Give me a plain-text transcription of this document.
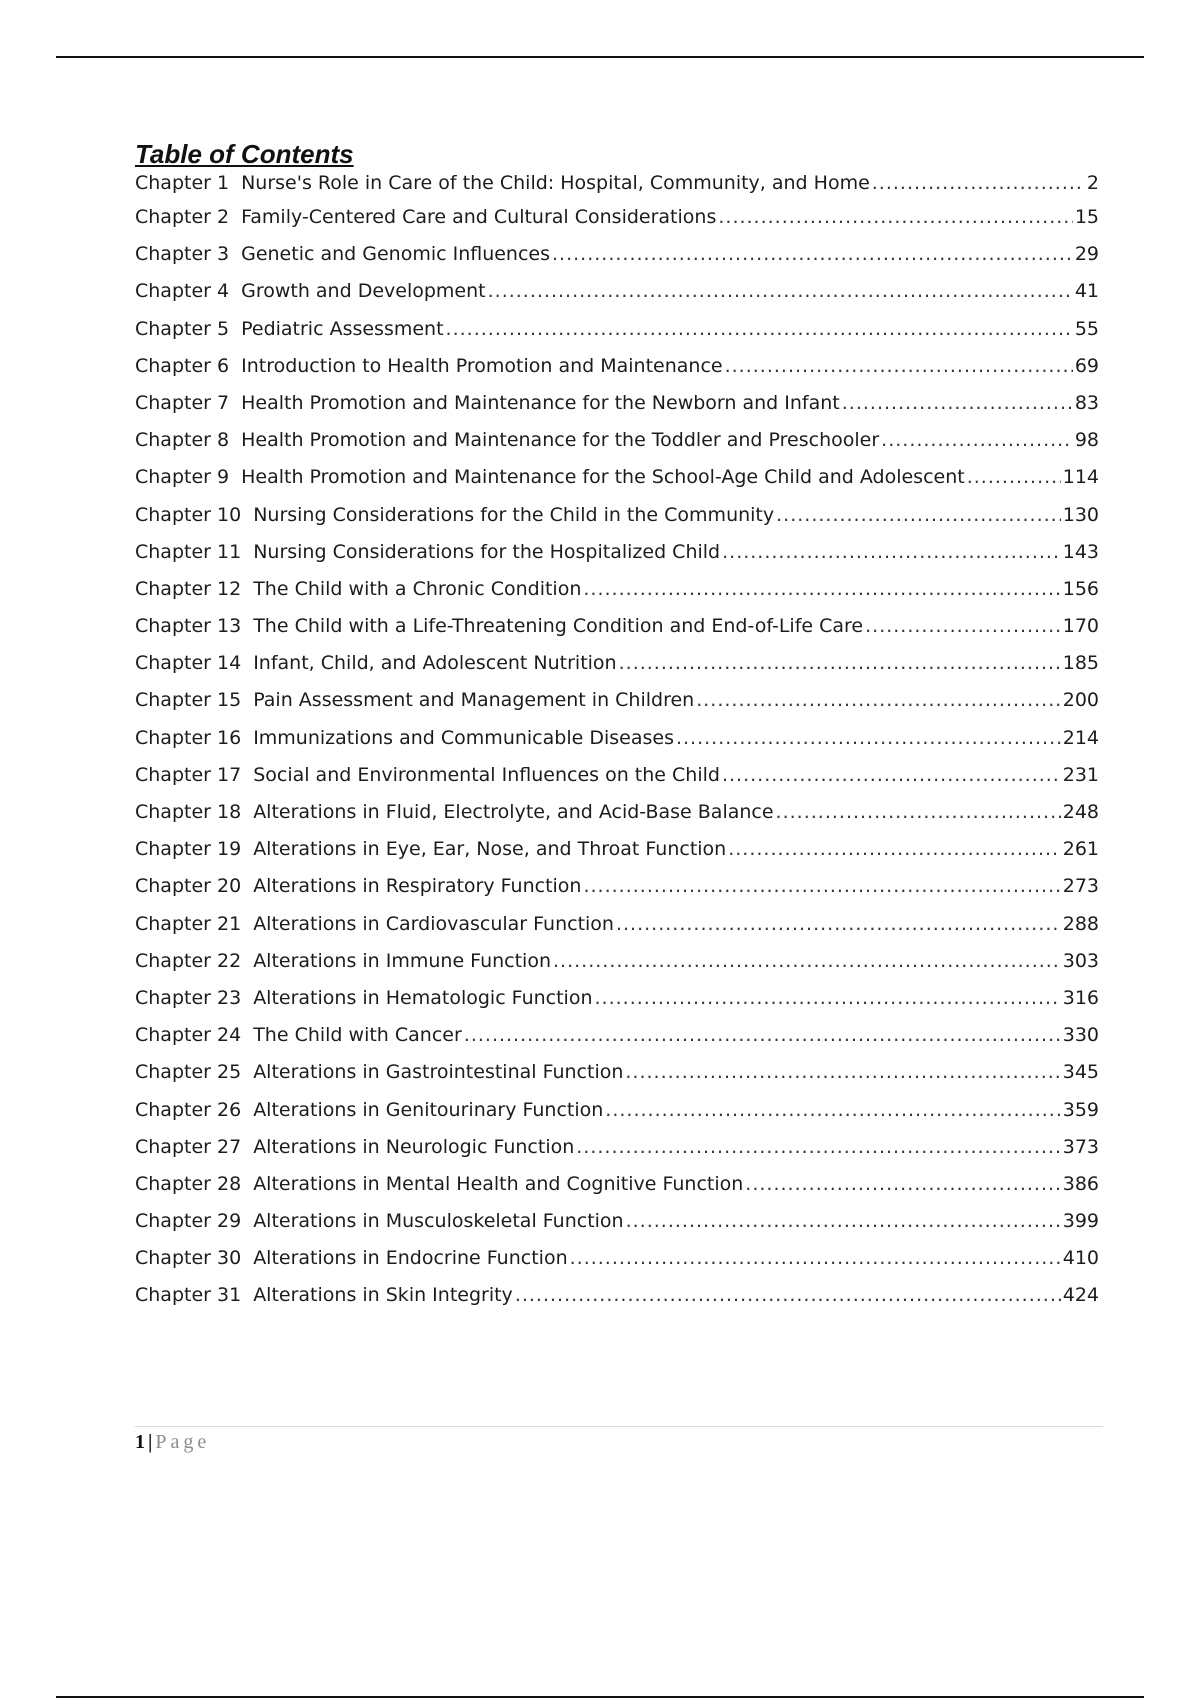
Table of Contents
Chapter 1 Nurse's Role in Care of the Child: Hospital, Community, and Home .....	2
Chapter 2 Family-Centered Care and Cultural Considerations .....	15
Chapter 3 Genetic and Genomic Influences .....	29
Chapter 4 Growth and Development .....	41
Chapter 5 Pediatric Assessment .....	55
Chapter 6 Introduction to Health Promotion and Maintenance .....	69
Chapter 7 Health Promotion and Maintenance for the Newborn and Infant .....	83
Chapter 8 Health Promotion and Maintenance for the Toddler and Preschooler .....	98
Chapter 9 Health Promotion and Maintenance for the School-Age Child and Adolescent .....	114
Chapter 10 Nursing Considerations for the Child in the Community .....	130
Chapter 11 Nursing Considerations for the Hospitalized Child .....	143
Chapter 12 The Child with a Chronic Condition .....	156
Chapter 13 The Child with a Life-Threatening Condition and End-of-Life Care .....	170
Chapter 14 Infant, Child, and Adolescent Nutrition .....	185
Chapter 15 Pain Assessment and Management in Children .....	200
Chapter 16 Immunizations and Communicable Diseases .....	214
Chapter 17 Social and Environmental Influences on the Child .....	231
Chapter 18 Alterations in Fluid, Electrolyte, and Acid-Base Balance .....	248
Chapter 19 Alterations in Eye, Ear, Nose, and Throat Function .....	261
Chapter 20 Alterations in Respiratory Function .....	273
Chapter 21 Alterations in Cardiovascular Function .....	288
Chapter 22 Alterations in Immune Function .....	303
Chapter 23 Alterations in Hematologic Function .....	316
Chapter 24 The Child with Cancer .....	330
Chapter 25 Alterations in Gastrointestinal Function .....	345
Chapter 26 Alterations in Genitourinary Function .....	359
Chapter 27 Alterations in Neurologic Function .....	373
Chapter 28 Alterations in Mental Health and Cognitive Function .....	386
Chapter 29 Alterations in Musculoskeletal Function .....	399
Chapter 30 Alterations in Endocrine Function .....	410
Chapter 31 Alterations in Skin Integrity .....	424
1 | Page
